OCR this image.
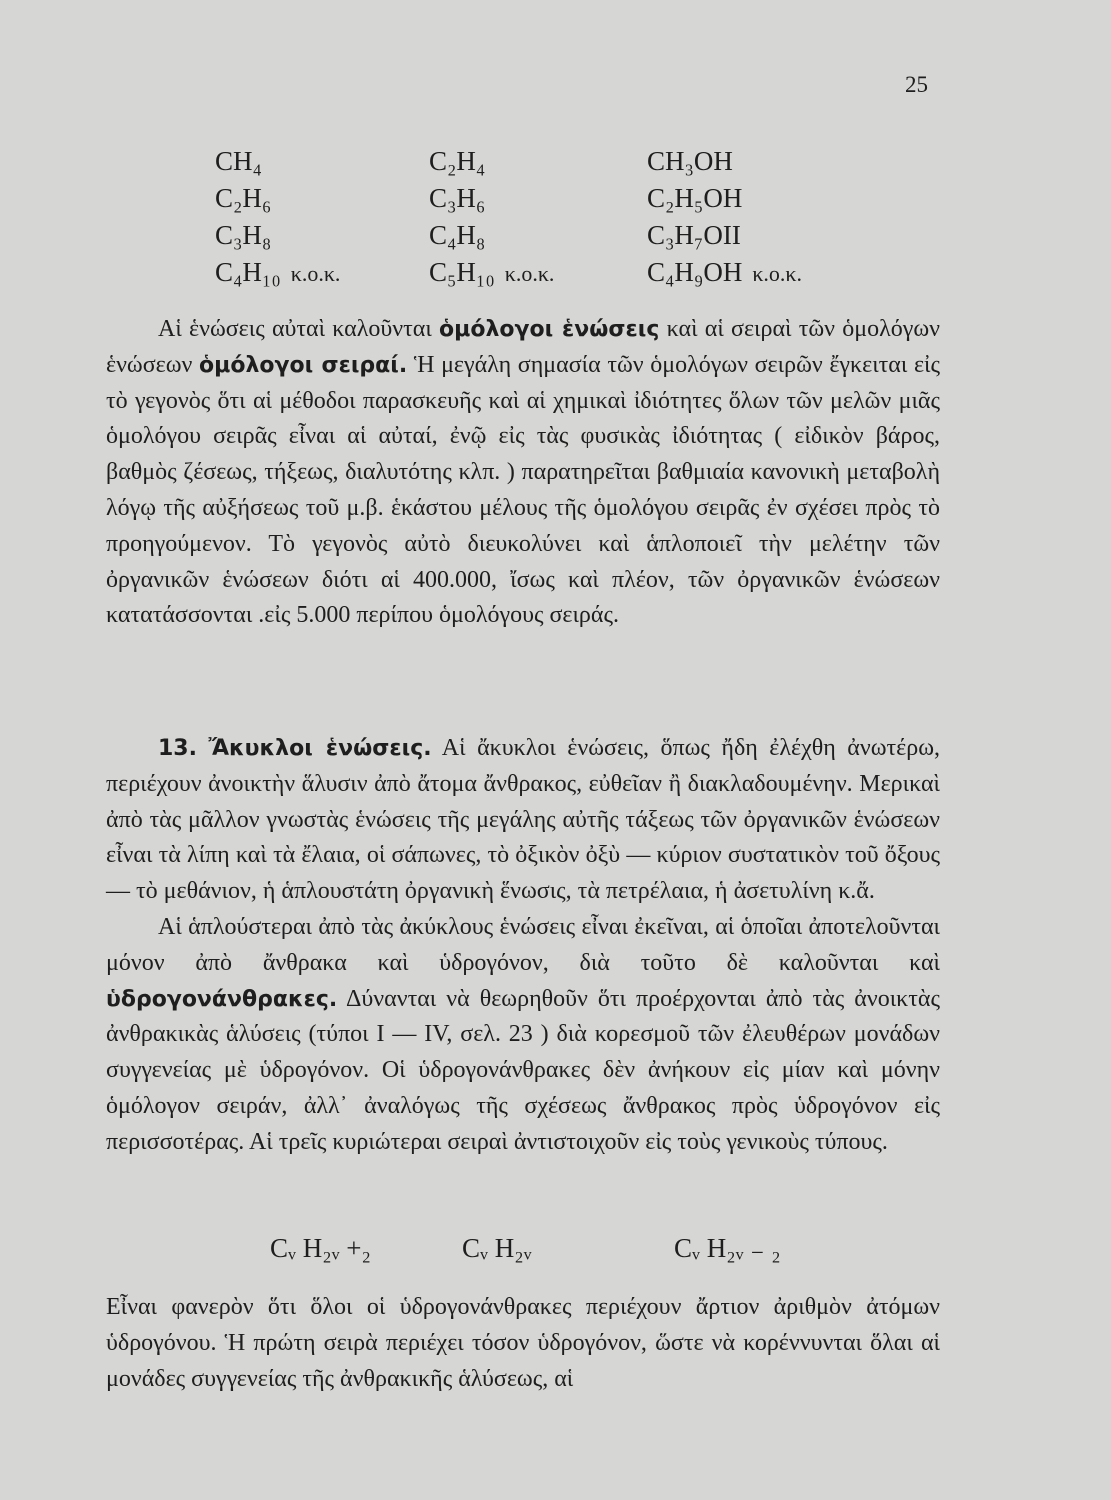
25
CH₄
C₂H₆
C₃H₈
C₄H₁₀ κ.ο.κ.
C₂H₄
C₃H₆
C₄H₈
C₅H₁₀ κ.ο.κ.
CH₃OH
C₂H₅OH
C₃H₇OII
C₄H₉OH κ.ο.κ.

Αἱ ἑνώσεις αὐταὶ καλοῦνται ὁμόλογοι ἑνώσεις καὶ αἱ σειραὶ τῶν ὁμολόγων ἑνώσεων ὁμόλογοι σειραί. Ἡ μεγάλη σημασία τῶν ὁμολόγων σειρῶν ἔγκειται εἰς τὸ γεγονὸς ὅτι αἱ μέθοδοι παρασκευῆς καὶ αἱ χημικαὶ ἰδιότητες ὅλων τῶν μελῶν μιᾶς ὁμολόγου σειρᾶς εἶναι αἱ αὐταί, ἐνῷ εἰς τὰς φυσικὰς ἰδιότητας ( εἰδικὸν βάρος, βαθμὸς ζέσεως, τήξεως, διαλυτότης κλπ. ) παρατηρεῖται βαθμιαία κανονικὴ μεταβολὴ λόγῳ τῆς αὐξήσεως τοῦ μ.β. ἑκάστου μέλους τῆς ὁμολόγου σειρᾶς ἐν σχέσει πρὸς τὸ προηγούμενον. Τὸ γεγονὸς αὐτὸ διευκολύνει καὶ ἁπλοποιεῖ τὴν μελέτην τῶν ὀργανικῶν ἑνώσεων διότι αἱ 400.000, ἴσως καὶ πλέον, τῶν ὀργανικῶν ἑνώσεων κατατάσσονται .εἰς 5.000 περίπου ὁμολόγους σειράς.

13. Ἄκυκλοι ἑνώσεις. Αἱ ἄκυκλοι ἑνώσεις, ὅπως ἤδη ἐλέχθη ἀνωτέρω, περιέχουν ἀνοικτὴν ἅλυσιν ἀπὸ ἄτομα ἄνθρακος, εὐθεῖαν ἢ διακλαδουμένην. Μερικαὶ ἀπὸ τὰς μᾶλλον γνωστὰς ἑνώσεις τῆς μεγάλης αὐτῆς τάξεως τῶν ὀργανικῶν ἑνώσεων εἶναι τὰ λίπη καὶ τὰ ἔλαια, οἱ σάπωνες, τὸ ὀξικὸν ὀξὺ — κύριον συστατικὸν τοῦ ὄξους — τὸ μεθάνιον, ἡ ἁπλουστάτη ὀργανικὴ ἕνωσις, τὰ πετρέλαια, ἡ ἀσετυλίνη κ.ἄ.

Αἱ ἁπλούστεραι ἀπὸ τὰς ἀκύκλους ἑνώσεις εἶναι ἐκεῖναι, αἱ ὁποῖαι ἀποτελοῦνται μόνον ἀπὸ ἄνθρακα καὶ ὑδρογόνον, διὰ τοῦτο δὲ καλοῦνται καὶ ὑδρογονάνθρακες. Δύνανται νὰ θεωρηθοῦν ὅτι προέρχονται ἀπὸ τὰς ἀνοικτὰς ἀνθρακικὰς ἁλύσεις (τύποι I — IV, σελ. 23 ) διὰ κορεσμοῦ τῶν ἐλευθέρων μονάδων συγγενείας μὲ ὑδρογόνον. Οἱ ὑδρογονάνθρακες δὲν ἀνήκουν εἰς μίαν καὶ μόνην ὁμόλογον σειράν, ἀλλ᾽ ἀναλόγως τῆς σχέσεως ἄνθρακος πρὸς ὑδρογόνον εἰς περισσοτέρας. Αἱ τρεῖς κυριώτεραι σειραὶ ἀντιστοιχοῦν εἰς τοὺς γενικοὺς τύπους.

Cᵥ H₂ᵥ +₂	Cᵥ H₂ᵥ	Cᵥ H₂ᵥ ₋ ₂

Εἶναι φανερὸν ὅτι ὅλοι οἱ ὑδρογονάνθρακες περιέχουν ἄρτιον ἀριθμὸν ἀτόμων ὑδρογόνου. Ἡ πρώτη σειρὰ περιέχει τόσον ὑδρογόνον, ὥστε νὰ κορέννυνται ὅλαι αἱ μονάδες συγγενείας τῆς ἀνθρακικῆς ἁλύσεως, αἱ
